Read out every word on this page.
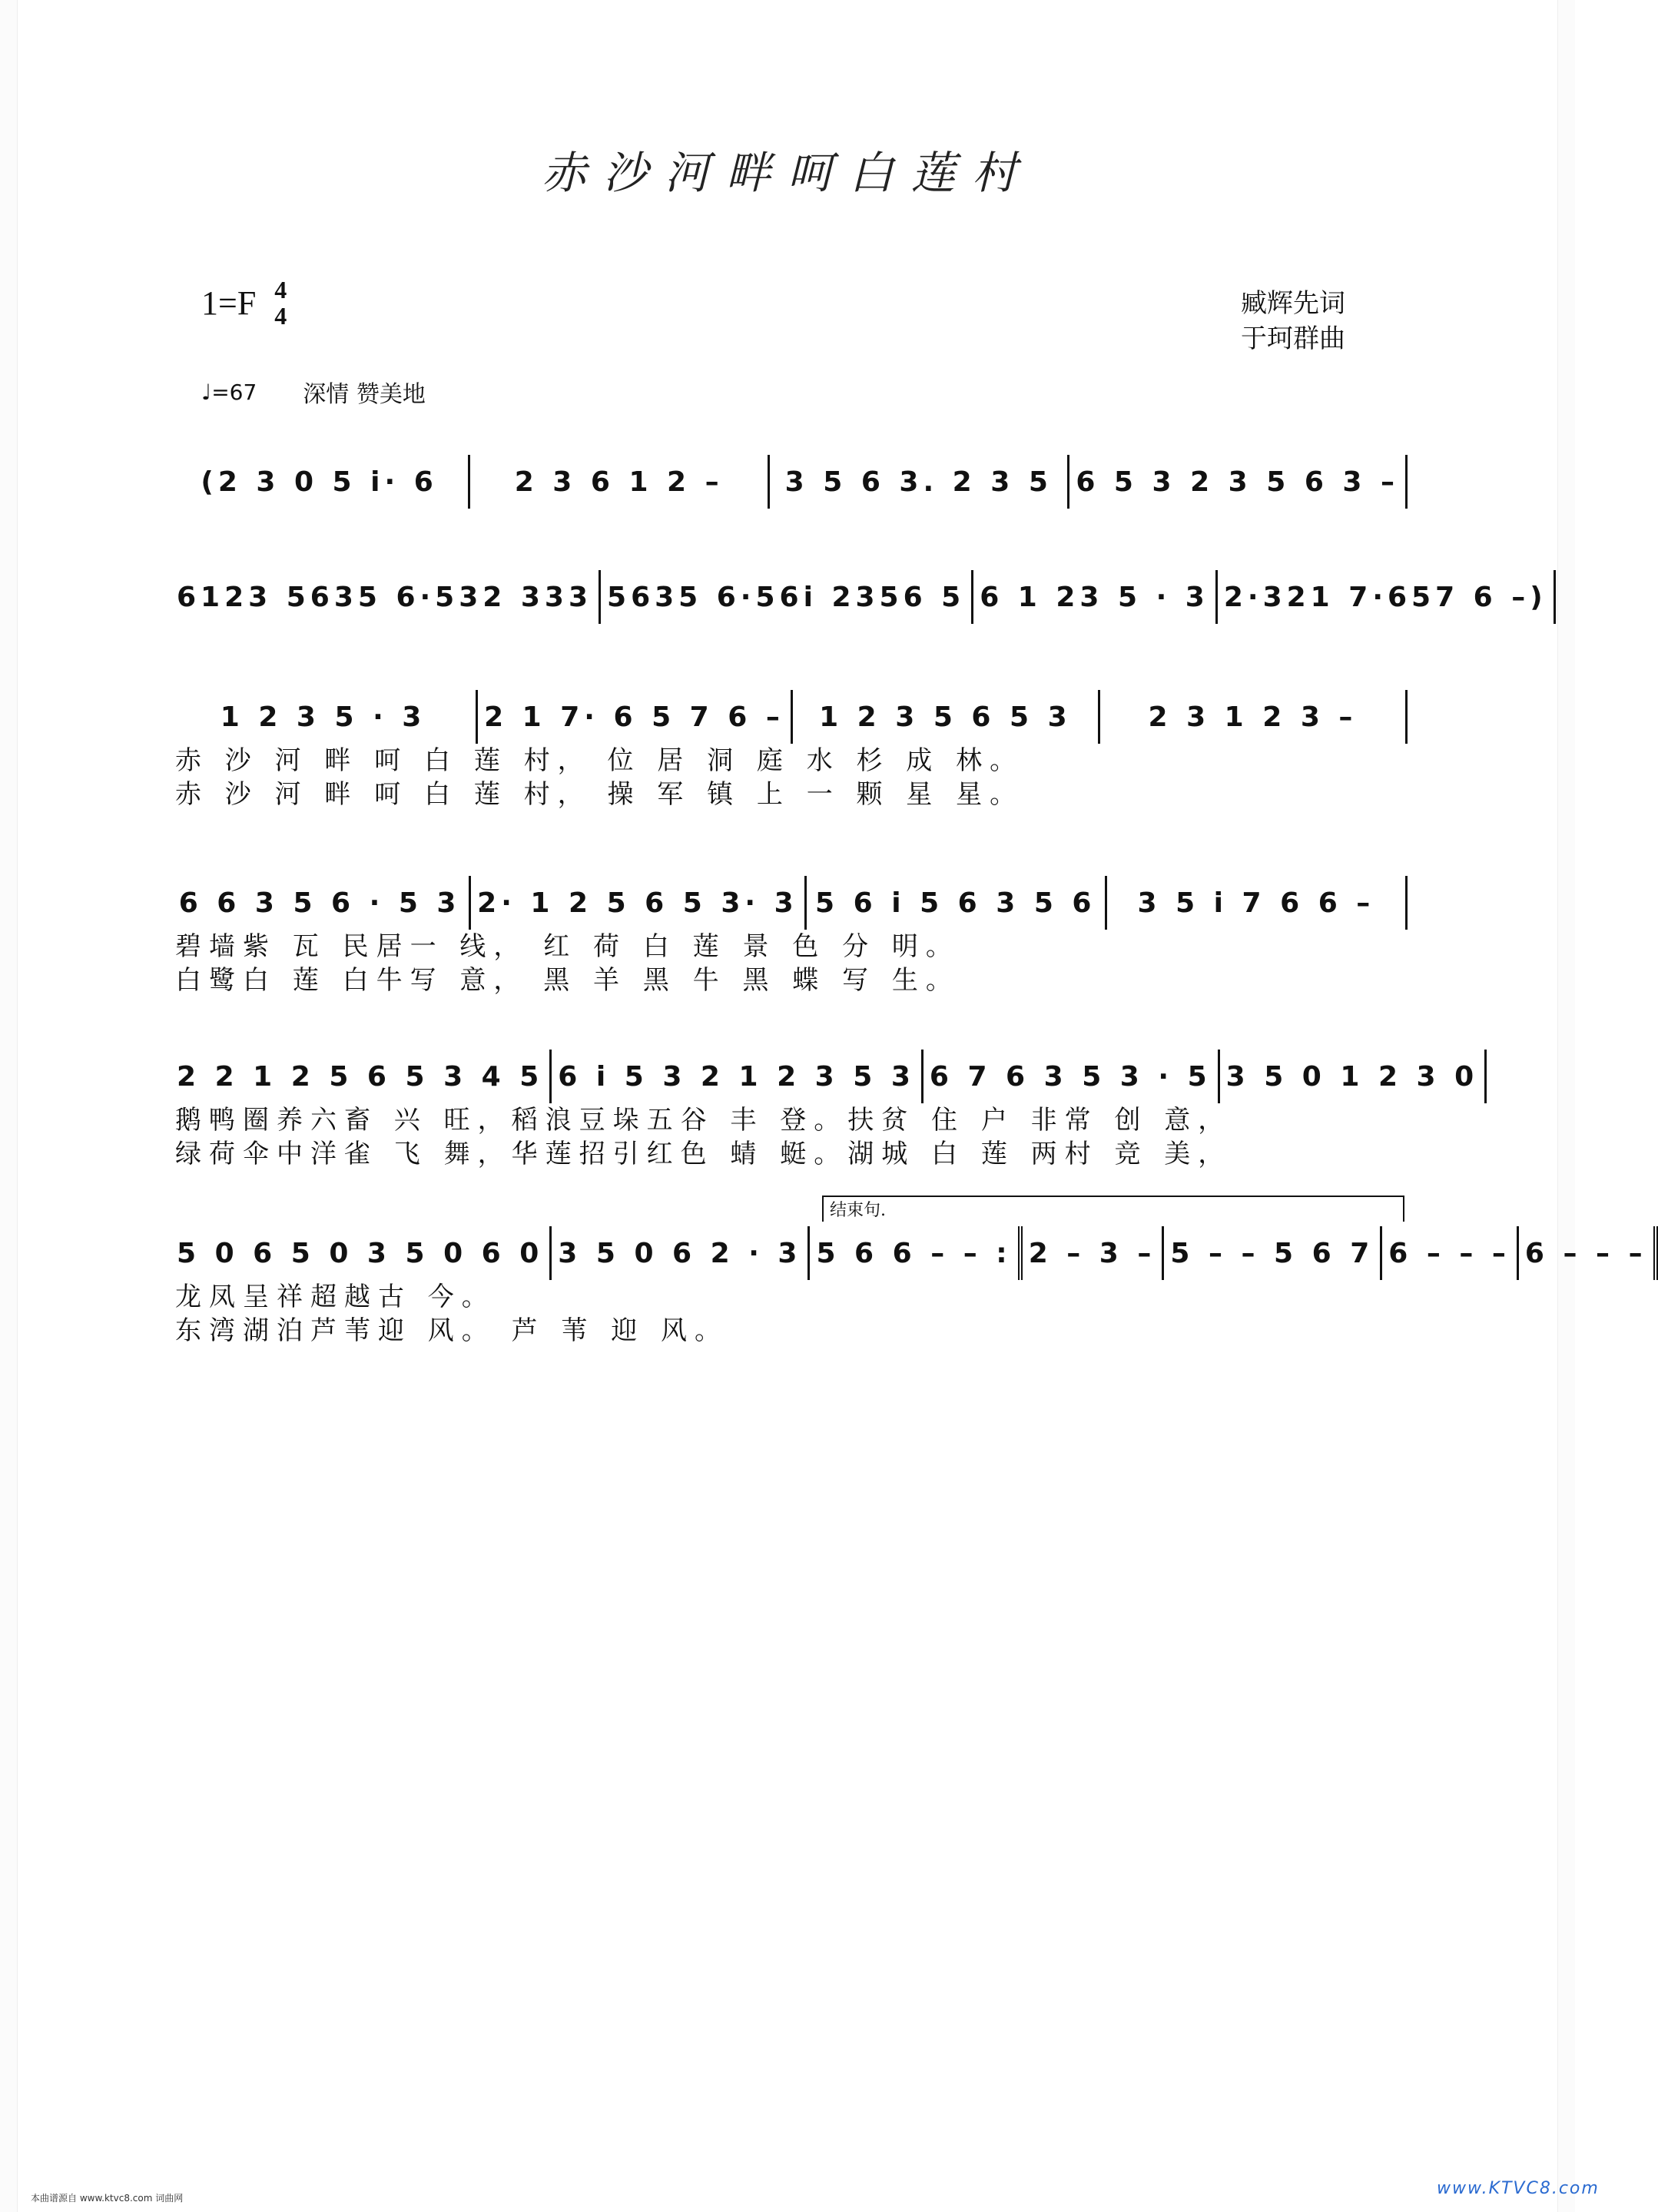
赤沙河畔呵白莲村
1=F 4
4	臧辉先词
于珂群曲
♩=67 深情 赞美地
(2 3 0 5 i· 6	2 3 6 1 2 – 3 5 6 3. 2 3 5 6 5 3 2 3 5 6 3 –
6123 5635 6·532 333 5635 6·56i 2356 5 6 1 23 5 · 3 2·321 7·657 6 –)
1 2 3 5 · 3 2 1 7· 6 5 7 6 – 1 2 3 5 6 5 3	2 3 1 2 3 –
赤 沙 河 畔 呵 白 莲 村， 位 居 洞 庭 水 杉 成 林。
赤 沙 河 畔 呵 白 莲 村， 操 军 镇 上 一 颗 星 星。
6 6 3 5 6 · 5 3 2· 1 2 5 6 5 3· 3 5 6 i 5 6 3 5 6 3 5 i 7 6 6 –
碧墙紫 瓦 民居一 线， 红 荷 白 莲 景 色 分 明。
白鹭白 莲 白牛写 意， 黑 羊 黑 牛 黑 蝶 写 生。
2 2 1 2 5 6 5 3 4 5 6 i 5 3 2 1 2 3 5 3 6 7 6 3 5 3 · 5 3 5 0 1 2 3 0
鹅鸭圈养六畜 兴 旺，稻浪豆垛五谷 丰 登。扶贫 住 户 非常 创 意，
绿荷伞中洋雀 飞 舞，华莲招引红色 蜻 蜓。湖城 白 莲 两村 竞 美，
结束句.
5 0 6 5 0 3 5 0 6 0 3 5 0 6 2 · 3 5 6 6 – – : 2 – 3 – 5 – – 5 6 7 6 – – – 6 – – –
龙凤呈祥超越古 今。
东湾湖泊芦苇迎 风。 芦 苇 迎 风。
本曲谱源自 www.ktvc8.com 词曲网	www.KTVC8.com
